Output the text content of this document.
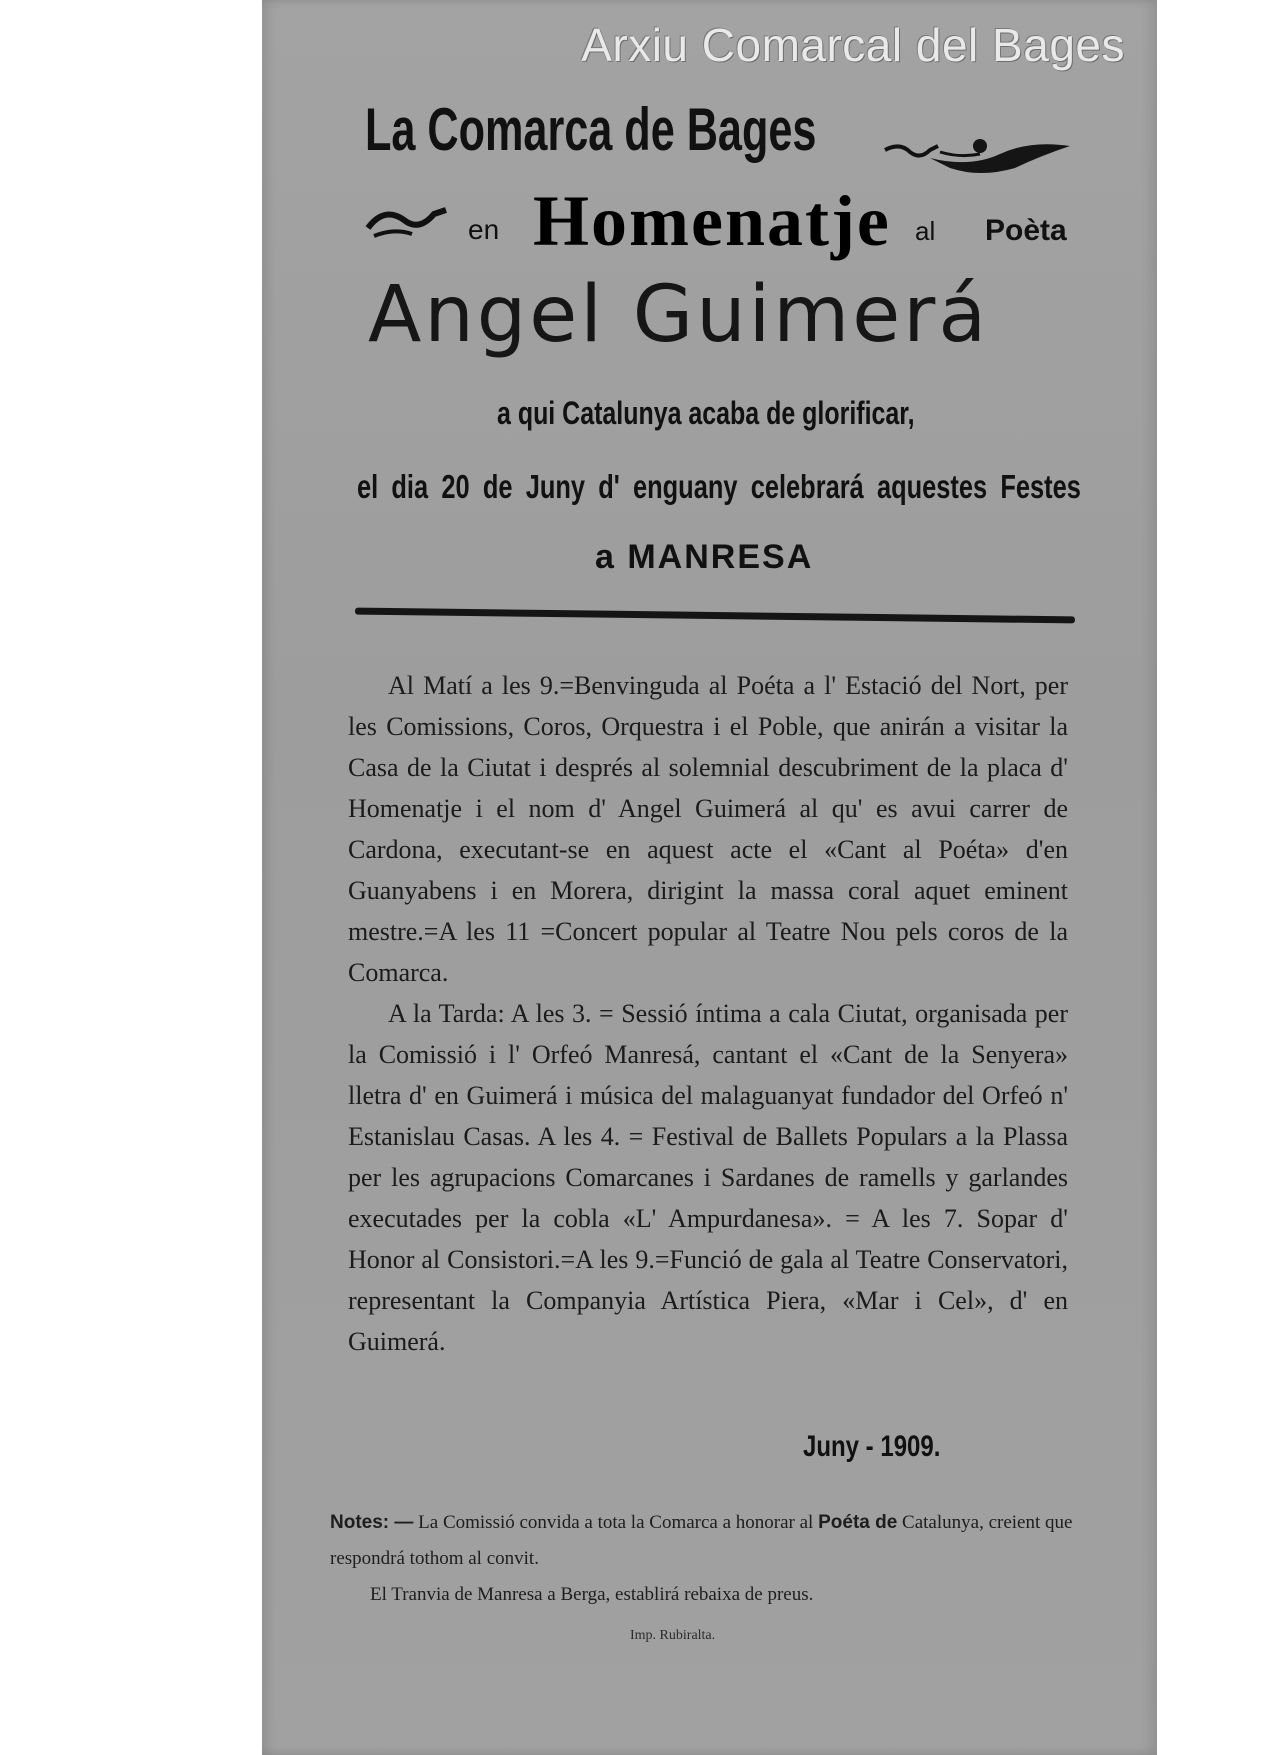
Arxiu Comarcal del Bages
La Comarca de Bages
en Homenatje al Poèta
Angel Guimerá
a qui Catalunya acaba de glorificar,
el dia 20 de Juny d' enguany celebrará aquestes Festes
a MANRESA

Al Matí a les 9.=Benvinguda al Poéta a l' Estació del Nort, per les Comissions, Coros, Orquestra i el Poble, que anirán a visitar la Casa de la Ciutat i després al solemnial descubriment de la placa d' Homenatje i el nom d' Angel Guimerá al qu' es avui carrer de Cardona, executant-se en aquest acte el «Cant al Poéta» d'en Guanyabens i en Morera, dirigint la massa coral aquet eminent mestre.=A les 11 =Concert popular al Teatre Nou pels coros de la Comarca.

A la Tarda: A les 3. = Sessió íntima a cala Ciutat, organisada per la Comissió i l' Orfeó Manresá, cantant el «Cant de la Senyera» lletra d' en Guimerá i música del malaguanyat fundador del Orfeó n' Estanislau Casas. A les 4. = Festival de Ballets Populars a la Plassa per les agrupacions Comarcanes i Sardanes de ramells y garlandes executades per la cobla «L' Ampurdanesa». = A les 7. Sopar d' Honor al Consistori.=A les 9.=Funció de gala al Teatre Conservatori, representant la Companyia Artística Piera, «Mar i Cel», d' en Guimerá.

Juny - 1909.
Notes: — La Comissió convida a tota la Comarca a honorar al Poéta de Catalunya, creient que respondrá tothom al convit.
El Tranvia de Manresa a Berga, establirá rebaixa de preus.
Imp. Rubiralta.
